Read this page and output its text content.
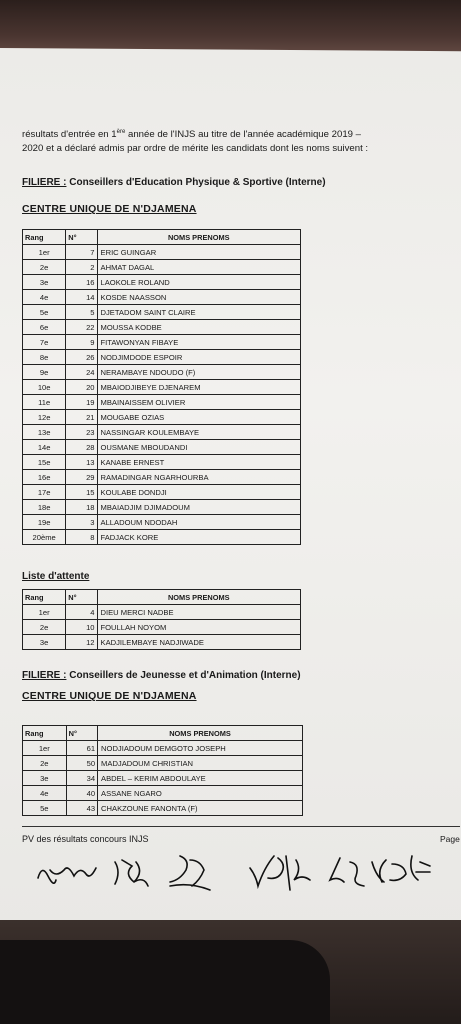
résultats d'entrée en 1ère année de l'INJS au titre de l'année académique 2019 –
2020 et a déclaré admis par ordre de mérite les candidats dont les noms suivent :
FILIERE : Conseillers d'Education Physique & Sportive (Interne)
CENTRE UNIQUE DE N'DJAMENA
Rang	N°	NOMS PRENOMS
1er	7	ERIC GUINGAR
2e	2	AHMAT DAGAL
3e	16	LAOKOLE ROLAND
4e	14	KOSDE NAASSON
5e	5	DJETADOM SAINT CLAIRE
6e	22	MOUSSA KODBE
7e	9	FITAWONYAN FIBAYE
8e	26	NODJIMDODE ESPOIR
9e	24	NERAMBAYE NDOUDO (F)
10e	20	MBAIODJIBEYE DJENAREM
11e	19	MBAINAISSEM OLIVIER
12e	21	MOUGABE OZIAS
13e	23	NASSINGAR KOULEMBAYE
14e	28	OUSMANE MBOUDANDI
15e	13	KANABE ERNEST
16e	29	RAMADINGAR NGARHOURBA
17e	15	KOULABE DONDJI
18e	18	MBAIADJIM DJIMADOUM
19e	3	ALLADOUM NDODAH
20ème	8	FADJACK KORE
Liste d'attente
Rang	N°	NOMS PRENOMS
1er	4	DIEU MERCI NADBE
2e	10	FOULLAH NOYOM
3e	12	KADJILEMBAYE NADJIWADE
FILIERE : Conseillers de Jeunesse et d'Animation (Interne)
CENTRE UNIQUE DE N'DJAMENA
Rang	N°	NOMS PRENOMS
1er	61	NODJIADOUM DEMGOTO JOSEPH
2e	50	MADJADOUM CHRISTIAN
3e	34	ABDEL – KERIM ABDOULAYE
4e	40	ASSANE NGARO
5e	43	CHAKZOUNE FANONTA (F)
PV des résultats concours INJS	Page
